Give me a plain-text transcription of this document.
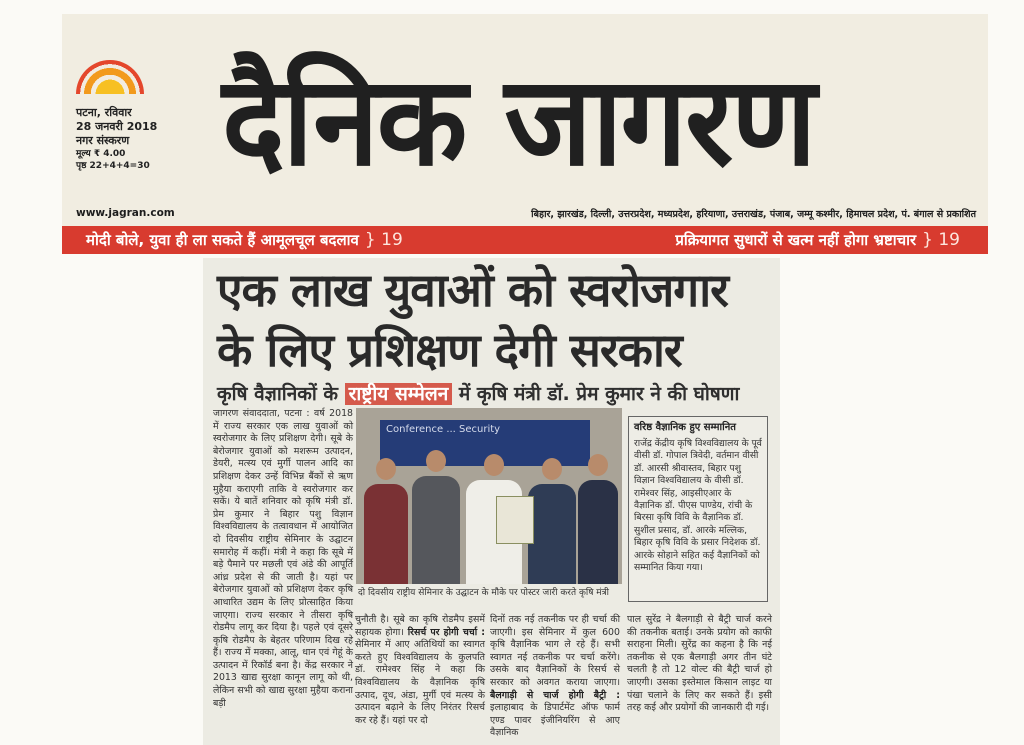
पटना, रविवार
28 जनवरी 2018
नगर संस्करण
मूल्य ₹ 4.00
पृष्ठ 22+4+4=30 दैनिक जागरण
www.jagran.com	बिहार, झारखंड, दिल्ली, उत्तरप्रदेश, मध्यप्रदेश, हरियाणा, उत्तराखंड, पंजाब, जम्मू कश्मीर, हिमाचल प्रदेश, पं. बंगाल से प्रकाशित
मोदी बोले, युवा ही ला सकते हैं आमूलचूल बदलाव } 19	प्रक्रियागत सुधारों से खत्म नहीं होगा भ्रष्टाचार } 19
एक लाख युवाओं को स्वरोजगार
के लिए प्रशिक्षण देगी सरकार
कृषि वैज्ञानिकों के राष्ट्रीय सम्मेलन में कृषि मंत्री डॉ. प्रेम कुमार ने की घोषणा
जागरण संवाददाता, पटना : वर्ष 2018 में राज्य सरकार एक लाख युवाओं को स्वरोजगार के लिए प्रशिक्षण देगी। सूबे के बेरोजगार युवाओं को मशरूम उत्पादन, डेयरी, मत्स्य एवं मुर्गी पालन आदि का प्रशिक्षण देकर उन्हें विभिन्न बैंकों से ऋण मुहैया कराएगी ताकि वे स्वरोजगार कर सकें। ये बातें शनिवार को कृषि मंत्री डॉ. प्रेम कुमार ने बिहार पशु विज्ञान विश्वविद्यालय के तत्वावधान में आयोजित दो दिवसीय राष्ट्रीय सेमिनार के उद्घाटन समारोह में कहीं। मंत्री ने कहा कि सूबे में बड़े पैमाने पर मछली एवं अंडे की आपूर्ति आंध्र प्रदेश से की जाती है। यहां पर बेरोजगार युवाओं को प्रशिक्षण देकर कृषि आधारित उद्यम के लिए प्रोत्साहित किया जाएगा। राज्य सरकार ने तीसरा कृषि रोडमैप लागू कर दिया है। पहले एवं दूसरे कृषि रोडमैप के बेहतर परिणाम दिख रहे हैं। राज्य में मक्का, आलू, धान एवं गेहूं के उत्पादन में रिकॉर्ड बना है। केंद्र सरकार ने 2013 खाद्य सुरक्षा कानून लागू को थी, लेकिन सभी को खाद्य सुरक्षा मुहैया कराना बड़ी
Conference ... Security
दो दिवसीय राष्ट्रीय सेमिनार के उद्घाटन के मौके पर पोस्टर जारी करते कृषि मंत्री
वरिष्ठ वैज्ञानिक हुए सम्मानित
राजेंद्र केंद्रीय कृषि विश्वविद्यालय के पूर्व वीसी डॉ. गोपाल त्रिवेदी, वर्तमान वीसी डॉ. आरसी श्रीवास्तव, बिहार पशु विज्ञान विश्वविद्यालय के वीसी डॉ. रामेश्वर सिंह, आइसीएआर के वैज्ञानिक डॉ. पीएस पाण्डेय, रांची के बिरसा कृषि विवि के वैज्ञानिक डॉ. सुशील प्रसाद, डॉ. आरके मल्लिक, बिहार कृषि विवि के प्रसार निदेशक डॉ. आरके सोहाने सहित कई वैज्ञानिकों को सम्मानित किया गया।
चुनौती है। सूबे का कृषि रोडमैप इसमें सहायक होगा। रिसर्च पर होगी चर्चा : सेमिनार में आए अतिथियों का स्वागत करते हुए विश्वविद्यालय के कुलपति डॉ. रामेश्वर सिंह ने कहा कि विश्वविद्यालय के वैज्ञानिक कृषि उत्पाद, दूध, अंडा, मुर्गी एवं मत्स्य के उत्पादन बढ़ाने के लिए निरंतर रिसर्च कर रहे हैं। यहां पर दो
दिनों तक नई तकनीक पर ही चर्चा की जाएगी। इस सेमिनार में कुल 600 कृषि वैज्ञानिक भाग ले रहे हैं। सभी स्वागत नई तकनीक पर चर्चा करेंगे। उसके बाद वैज्ञानिकों के रिसर्च से सरकार को अवगत कराया जाएगा। बैलगाड़ी से चार्ज होगी बैट्री : इलाहाबाद के डिपार्टमेंट ऑफ फार्म एण्ड पावर इंजीनियरिंग से आए वैज्ञानिक
पाल सुरेंद्र ने बैलगाड़ी से बैट्री चार्ज करने की तकनीक बताई। उनके प्रयोग को काफी सराहना मिली। सुरेंद्र का कहना है कि नई तकनीक से एक बैलगाड़ी अगर तीन घंटे चलती है तो 12 वोल्ट की बैट्री चार्ज हो जाएगी। उसका इस्तेमाल किसान लाइट या पंखा चलाने के लिए कर सकते हैं। इसी तरह कई और प्रयोगों की जानकारी दी गई।
